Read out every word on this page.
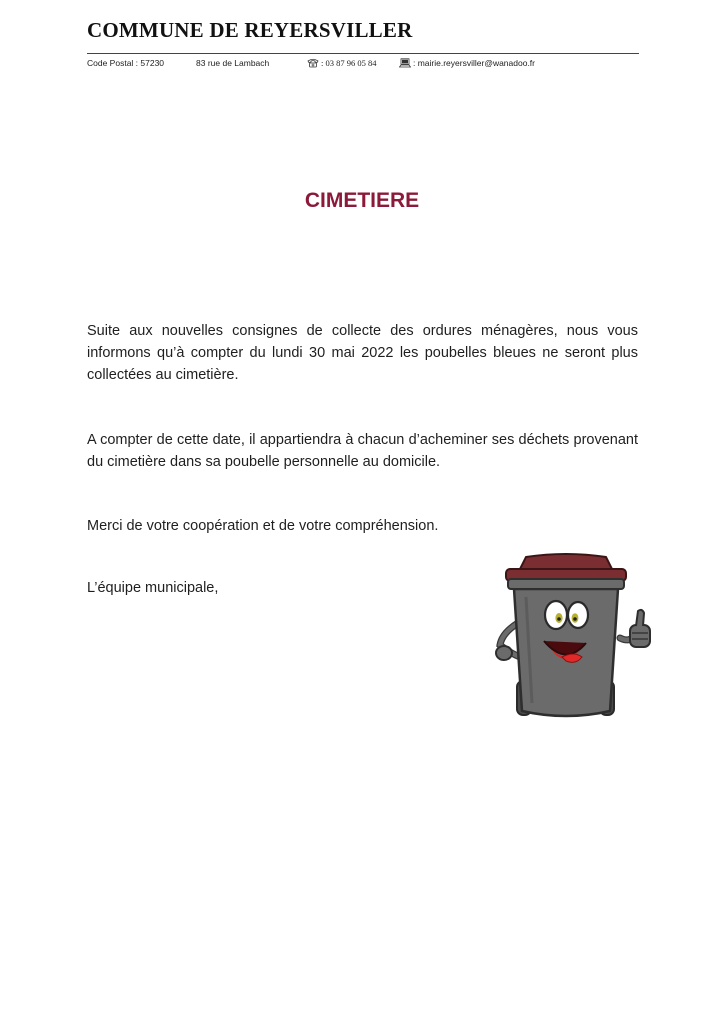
COMMUNE DE REYERSVILLER
Code Postal : 57230	83 rue de Lambach	: 03 87 96 05 84	: mairie.reyersviller@wanadoo.fr
CIMETIERE

Suite aux nouvelles consignes de collecte des ordures ménagères, nous vous informons qu’à compter du lundi 30 mai 2022 les poubelles bleues ne seront plus collectées au cimetière.

A compter de cette date, il appartiendra à chacun d’acheminer ses déchets provenant du cimetière dans sa poubelle personnelle au domicile.

Merci de votre coopération et de votre compréhension.

L’équipe municipale,
